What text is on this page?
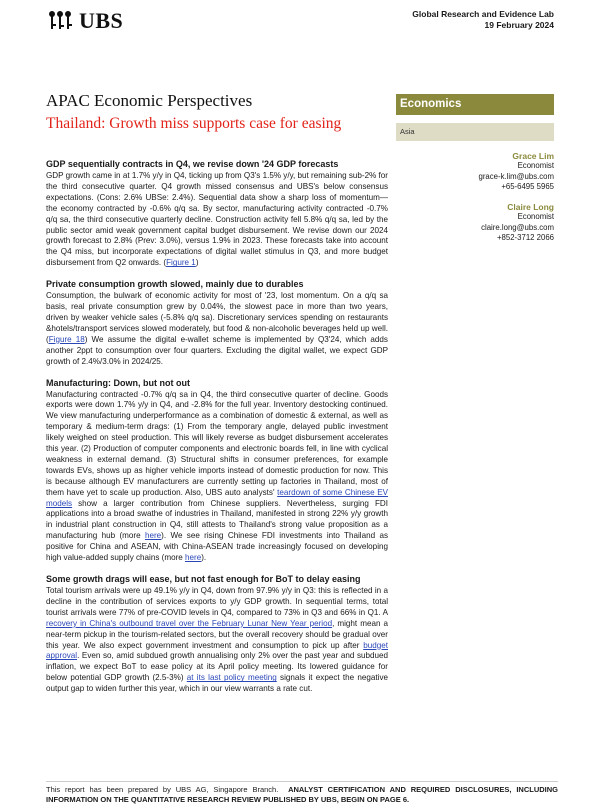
UBS	Global Research and Evidence Lab
19 February 2024
APAC Economic Perspectives
Thailand: Growth miss supports case for easing
Economics
Asia
Grace Lim
Economist
grace-k.lim@ubs.com
+65-6495 5965
Claire Long
Economist
claire.long@ubs.com
+852-3712 2066
GDP sequentially contracts in Q4, we revise down '24 GDP forecasts

GDP growth came in at 1.7% y/y in Q4, ticking up from Q3's 1.5% y/y, but remaining sub-2% for the third consecutive quarter. Q4 growth missed consensus and UBS's below consensus expectations. (Cons: 2.6% UBSe: 2.4%). Sequential data show a sharp loss of momentum—the economy contracted by -0.6% q/q sa. By sector, manufacturing activity contracted -0.7% q/q sa, the third consecutive quarterly decline. Construction activity fell 5.8% q/q sa, led by the public sector amid weak government capital budget disbursement. We revise down our 2024 growth forecast to 2.8% (Prev: 3.0%), versus 1.9% in 2023. These forecasts take into account the Q4 miss, but incorporate expectations of digital wallet stimulus in Q3, and more budget disbursement from Q2 onwards. (Figure 1)

Private consumption growth slowed, mainly due to durables

Consumption, the bulwark of economic activity for most of '23, lost momentum. On a q/q sa basis, real private consumption grew by 0.04%, the slowest pace in more than two years, driven by weaker vehicle sales (-5.8% q/q sa). Discretionary services spending on restaurants &hotels/transport services slowed moderately, but food & non-alcoholic beverages held up well. (Figure 18) We assume the digital e-wallet scheme is implemented by Q3'24, which adds another 2ppt to consumption over four quarters. Excluding the digital wallet, we expect GDP growth of 2.4%/3.0% in 2024/25.

Manufacturing: Down, but not out

Manufacturing contracted -0.7% q/q sa in Q4, the third consecutive quarter of decline. Goods exports were down 1.7% y/y in Q4, and -2.8% for the full year. Inventory destocking continued. We view manufacturing underperformance as a combination of domestic & external, as well as temporary & medium-term drags: (1) From the temporary angle, delayed public investment likely weighed on steel production. This will likely reverse as budget disbursement accelerates this year. (2) Production of computer components and electronic boards fell, in line with cyclical weakness in external demand. (3) Structural shifts in consumer preferences, for example towards EVs, shows up as higher vehicle imports instead of domestic production for now. This is because although EV manufacturers are currently setting up factories in Thailand, most of them have yet to scale up production. Also, UBS auto analysts' teardown of some Chinese EV models show a larger contribution from Chinese suppliers. Nevertheless, surging FDI applications into a broad swathe of industries in Thailand, manifested in strong 22% y/y growth in industrial plant construction in Q4, still attests to Thailand's strong value proposition as a manufacturing hub (more here). We see rising Chinese FDI investments into Thailand as positive for China and ASEAN, with China-ASEAN trade increasingly focused on developing high value-added supply chains (more here).

Some growth drags will ease, but not fast enough for BoT to delay easing

Total tourism arrivals were up 49.1% y/y in Q4, down from 97.9% y/y in Q3: this is reflected in a decline in the contribution of services exports to y/y GDP growth. In sequential terms, total tourist arrivals were 77% of pre-COVID levels in Q4, compared to 73% in Q3 and 66% in Q1. A recovery in China's outbound travel over the February Lunar New Year period, might mean a near-term pickup in the tourism-related sectors, but the overall recovery should be gradual over this year. We also expect government investment and consumption to pick up after budget approval. Even so, amid subdued growth annualising only 2% over the past year and subdued inflation, we expect BoT to ease policy at its April policy meeting. Its lowered guidance for below potential GDP growth (2.5-3%) at its last policy meeting signals it expect the negative output gap to widen further this year, which in our view warrants a rate cut.

This report has been prepared by UBS AG, Singapore Branch. ANALYST CERTIFICATION AND REQUIRED DISCLOSURES, INCLUDING INFORMATION ON THE QUANTITATIVE RESEARCH REVIEW PUBLISHED BY UBS, BEGIN ON PAGE 6.
